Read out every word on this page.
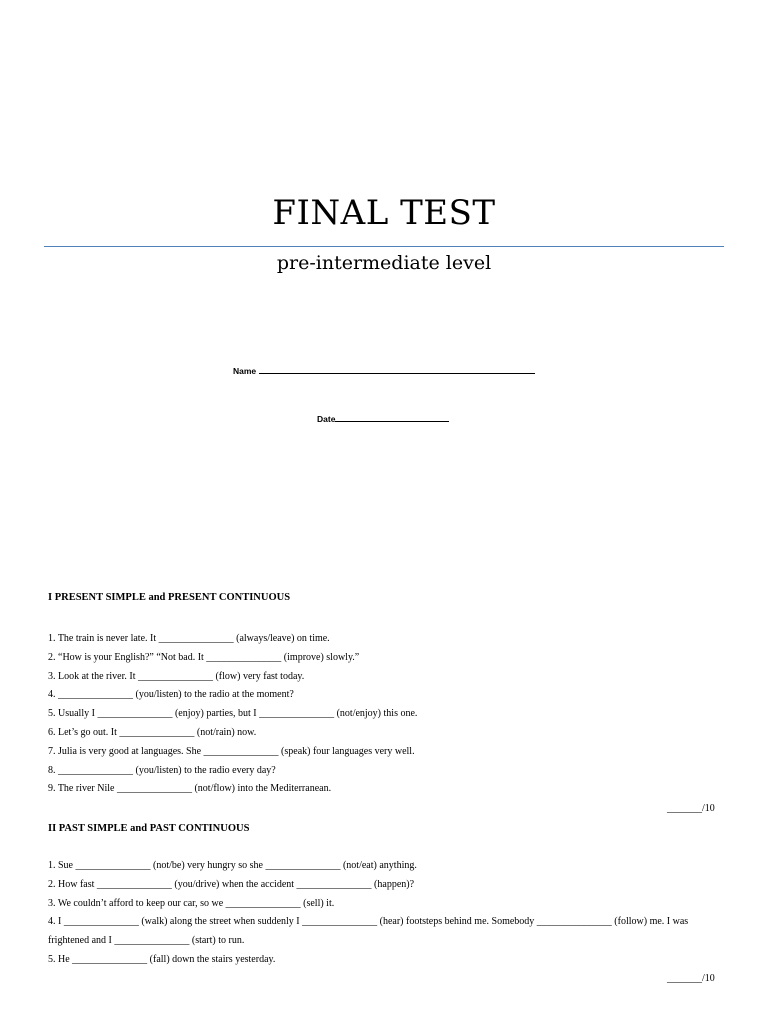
FINAL TEST
pre-intermediate level
Name
Date
I PRESENT SIMPLE and PRESENT CONTINUOUS
1. The train is never late. It _______________ (always/leave) on time.
2. “How is your English?” “Not bad. It _______________ (improve) slowly.”
3. Look at the river. It _______________ (flow) very fast today.
4. _______________ (you/listen) to the radio at the moment?
5. Usually I _______________ (enjoy) parties, but I _______________ (not/enjoy) this one.
6. Let’s go out. It _______________ (not/rain) now.
7. Julia is very good at languages. She _______________ (speak) four languages very well.
8. _______________ (you/listen) to the radio every day?
9. The river Nile _______________ (not/flow) into the Mediterranean.
_______/10
II PAST SIMPLE and PAST CONTINUOUS
1. Sue _______________ (not/be) very hungry so she _______________ (not/eat) anything.
2. How fast _______________ (you/drive) when the accident _______________ (happen)?
3. We couldn’t afford to keep our car, so we _______________ (sell) it.
4. I _______________ (walk) along the street when suddenly I _______________ (hear) footsteps behind me. Somebody _______________ (follow) me. I was frightened and I _______________ (start) to run.
5. He _______________ (fall) down the stairs yesterday.
_______/10
